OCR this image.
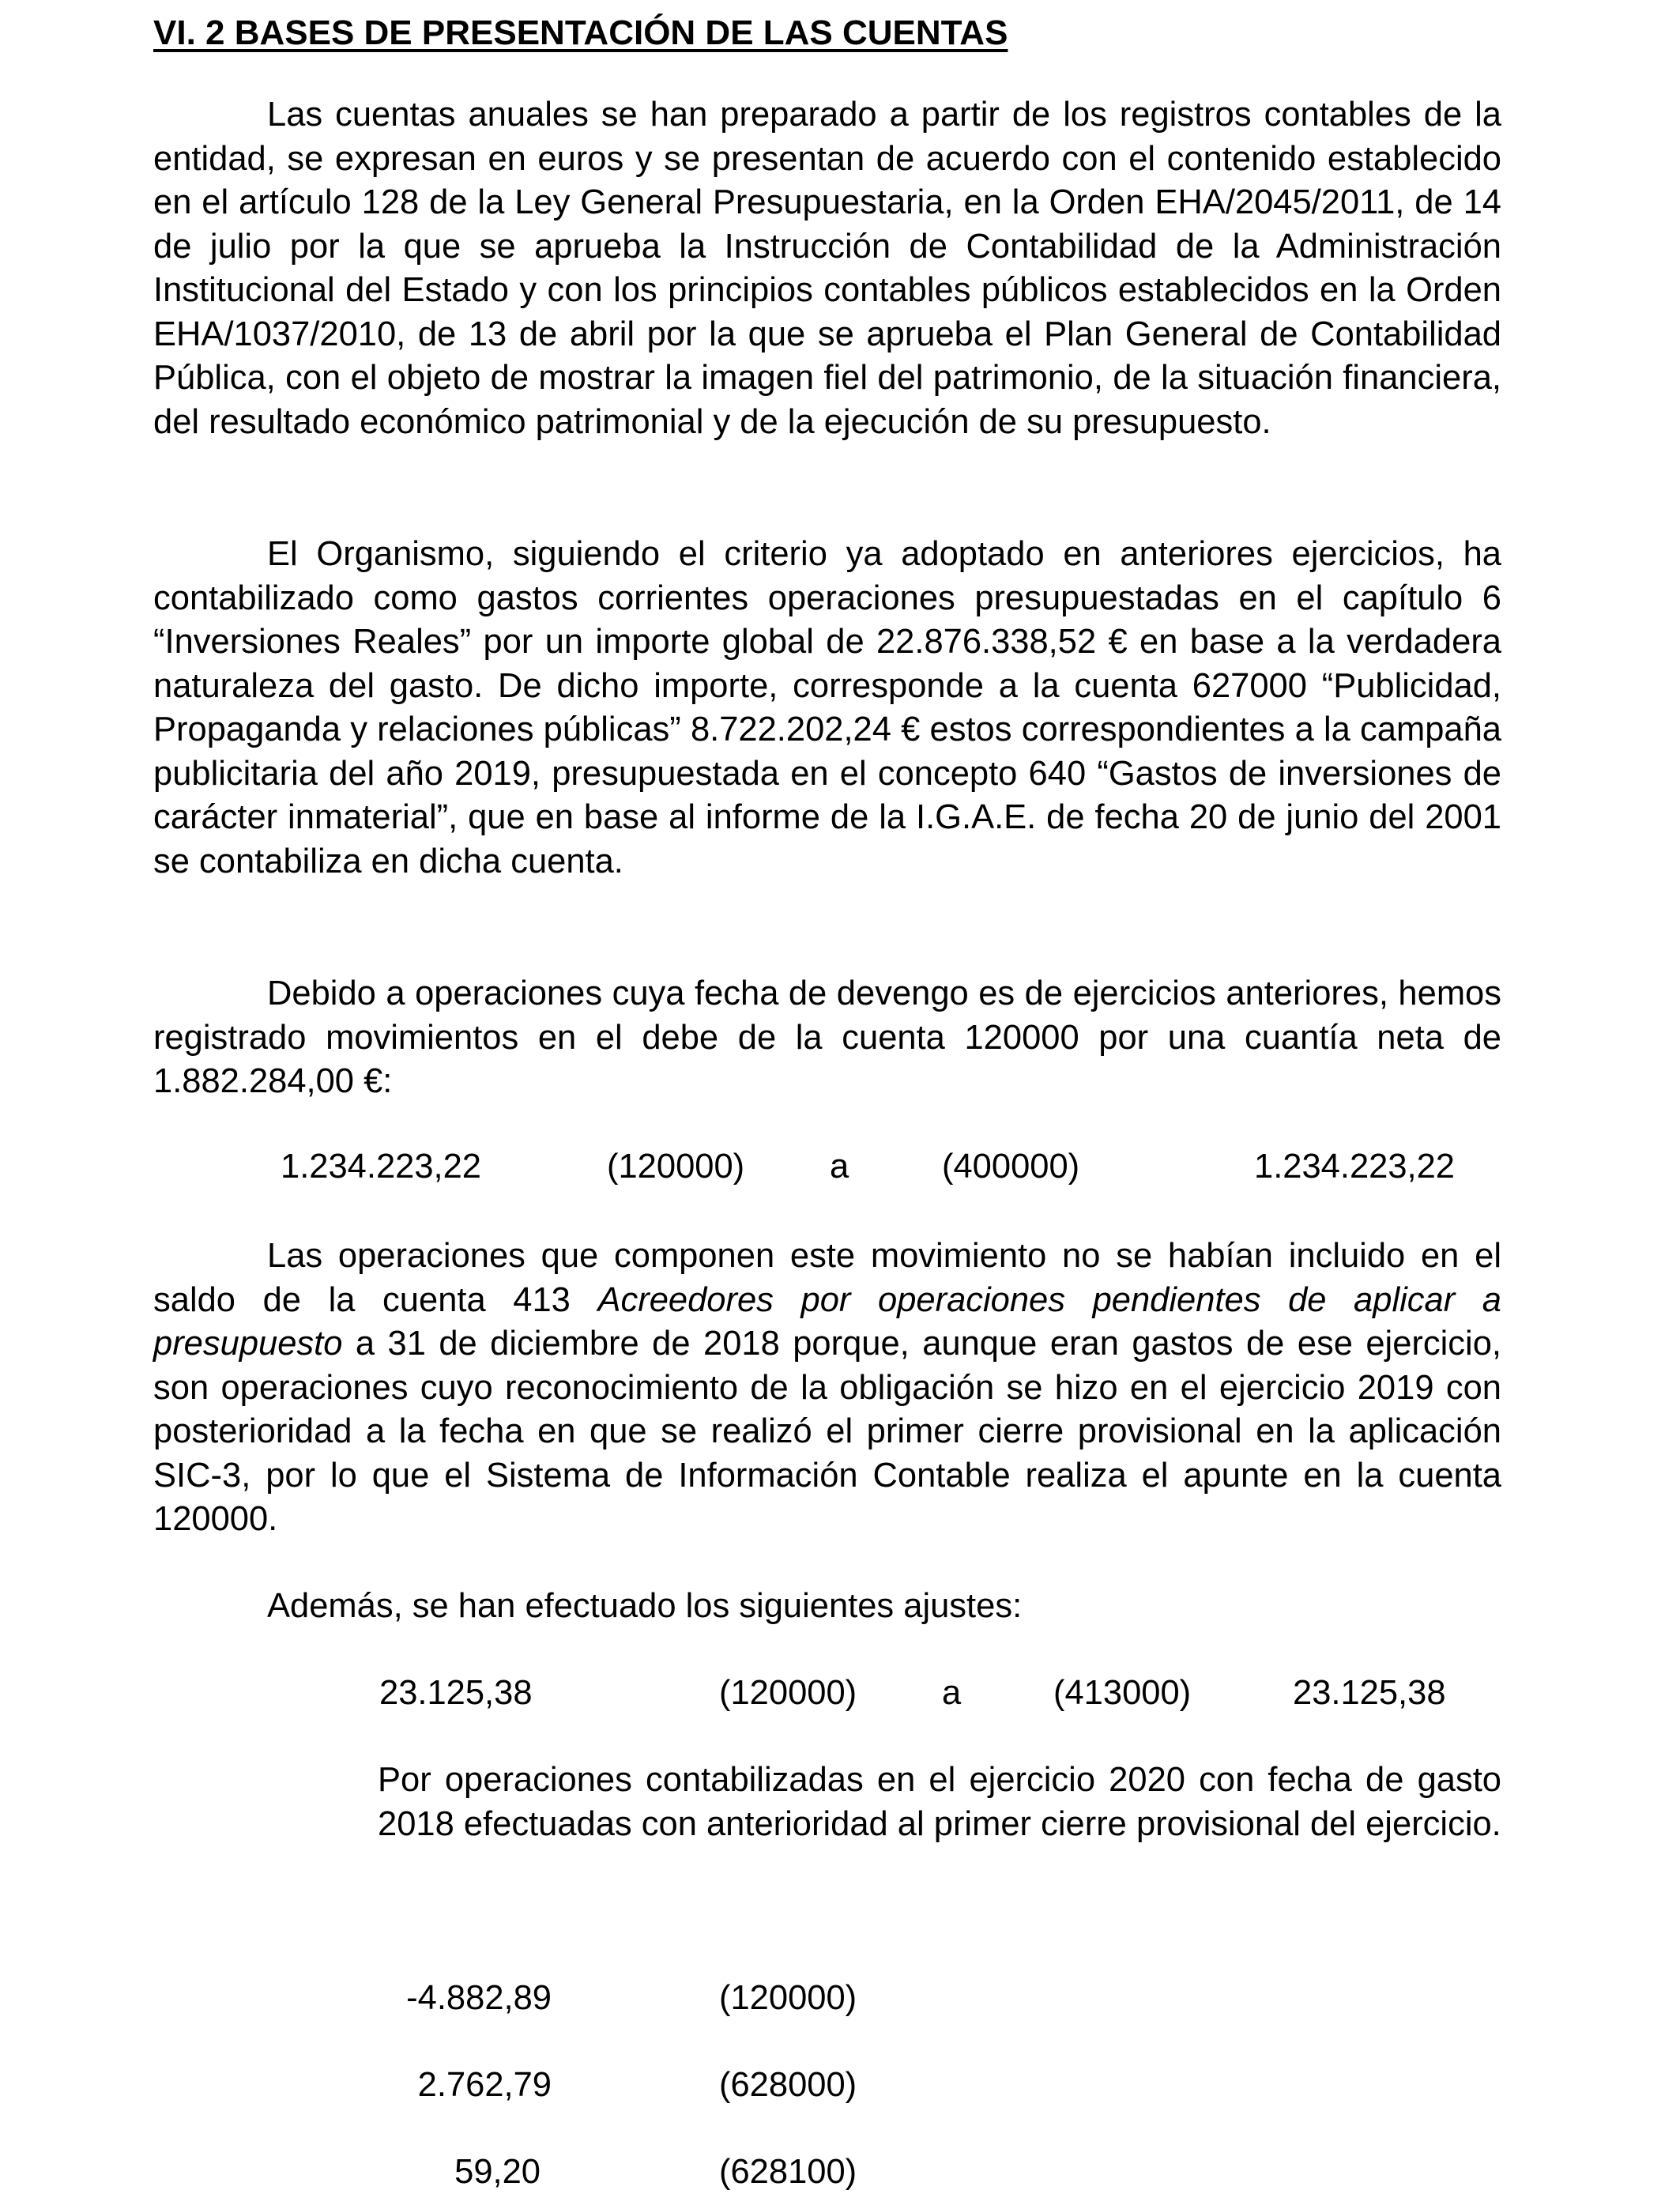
VI. 2 BASES DE PRESENTACIÓN DE LAS CUENTAS

Las cuentas anuales se han preparado a partir de los registros contables de la entidad, se expresan en euros y se presentan de acuerdo con el contenido establecido en el artículo 128 de la Ley General Presupuestaria, en la Orden EHA/2045/2011, de 14 de julio por la que se aprueba la Instrucción de Contabilidad de la Administración Institucional del Estado y con los principios contables públicos establecidos en la Orden EHA/1037/2010, de 13 de abril por la que se aprueba el Plan General de Contabilidad Pública, con el objeto de mostrar la imagen fiel del patrimonio, de la situación financiera, del resultado económico patrimonial y de la ejecución de su presupuesto.

El Organismo, siguiendo el criterio ya adoptado en anteriores ejercicios, ha contabilizado como gastos corrientes operaciones presupuestadas en el capítulo 6 “Inversiones Reales” por un importe global de 22.876.338,52 € en base a la verdadera naturaleza del gasto. De dicho importe, corresponde a la cuenta 627000 “Publicidad, Propaganda y relaciones públicas” 8.722.202,24 € estos correspondientes a la campaña publicitaria del año 2019, presupuestada en el concepto 640 “Gastos de inversiones de carácter inmaterial”, que en base al informe de la I.G.A.E. de fecha 20 de junio del 2001 se contabiliza en dicha cuenta.

Debido a operaciones cuya fecha de devengo es de ejercicios anteriores, hemos registrado movimientos en el debe de la cuenta 120000 por una cuantía neta de 1.882.284,00 €:

1.234.223,22	(120000) a	(400000)	1.234.223,22

Las operaciones que componen este movimiento no se habían incluido en el saldo de la cuenta 413 Acreedores por operaciones pendientes de aplicar a presupuesto a 31 de diciembre de 2018 porque, aunque eran gastos de ese ejercicio, son operaciones cuyo reconocimiento de la obligación se hizo en el ejercicio 2019 con posterioridad a la fecha en que se realizó el primer cierre provisional en la aplicación SIC-3, por lo que el Sistema de Información Contable realiza el apunte en la cuenta 120000.

Además, se han efectuado los siguientes ajustes:

23.125,38	(120000) a	(413000)	23.125,38

Por operaciones contabilizadas en el ejercicio 2020 con fecha de gasto 2018 efectuadas con anterioridad al primer cierre provisional del ejercicio.

-4.882,89	(120000)
2.762,79	(628000)
59,20	(628100)
